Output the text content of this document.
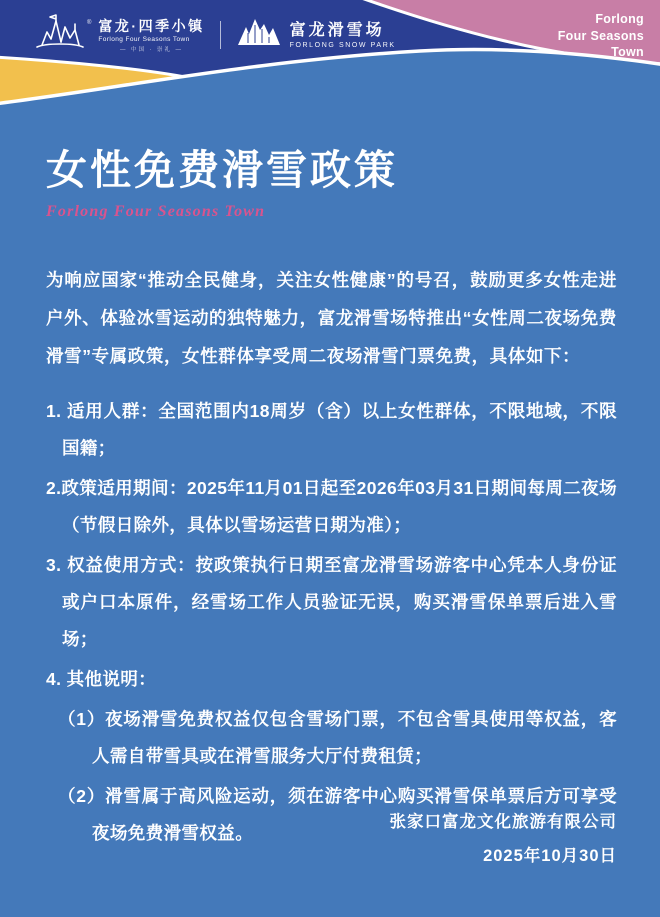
® 富龙·四季小镇
Forlong Four Seasons Town
— 中国 · 崇礼 —
富龙滑雪场
FORLONG SNOW PARK
Forlong
Four Seasons
Town
女性免费滑雪政策
Forlong Four Seasons Town

为响应国家“推动全民健身，关注女性健康”的号召，鼓励更多女性走进户外、体验冰雪运动的独特魅力，富龙滑雪场特推出“女性周二夜场免费滑雪”专属政策，女性群体享受周二夜场滑雪门票免费，具体如下：

1. 适用人群：全国范围内18周岁（含）以上女性群体，不限地域，不限国籍；
2.政策适用期间：2025年11月01日起至2026年03月31日期间每周二夜场（节假日除外，具体以雪场运营日期为准）；
3. 权益使用方式：按政策执行日期至富龙滑雪场游客中心凭本人身份证或户口本原件，经雪场工作人员验证无误，购买滑雪保单票后进入雪场；
4. 其他说明：
（1）夜场滑雪免费权益仅包含雪场门票，不包含雪具使用等权益，客人需自带雪具或在滑雪服务大厅付费租赁；
（2）滑雪属于高风险运动，须在游客中心购买滑雪保单票后方可享受夜场免费滑雪权益。
张家口富龙文化旅游有限公司
2025年10月30日
